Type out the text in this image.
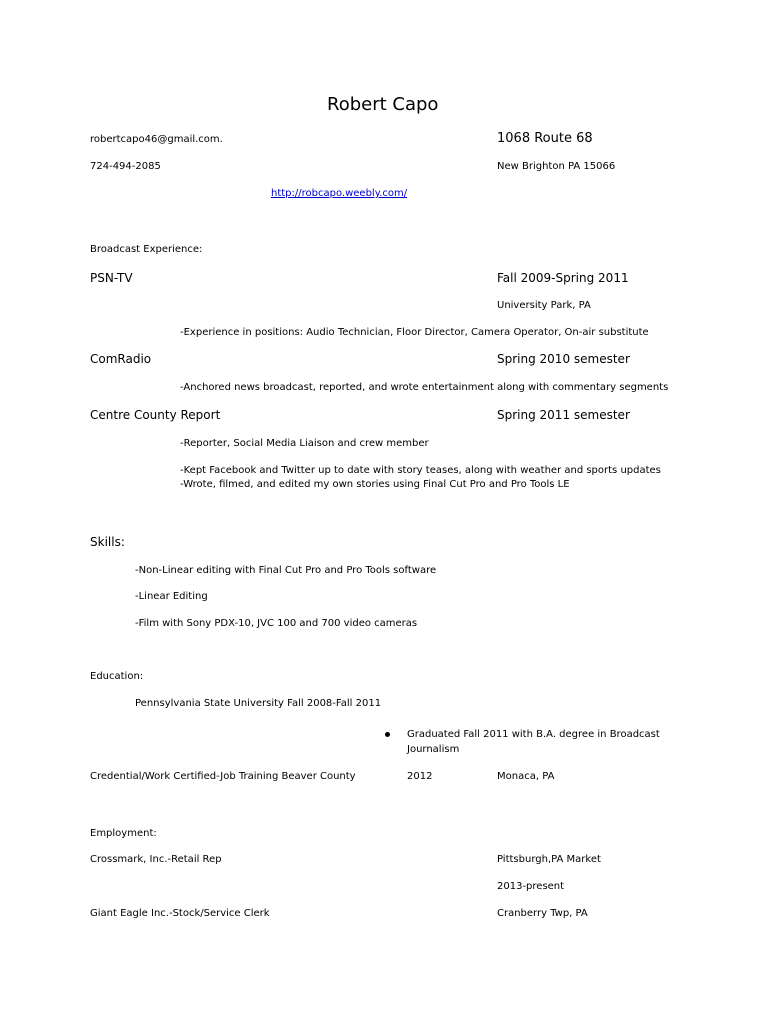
Robert Capo
robertcapo46@gmail.com.	1068 Route 68
724-494-2085	New Brighton PA 15066
http://robcapo.weebly.com/
Broadcast Experience:
PSN-TV	Fall 2009-Spring 2011
University Park, PA
-Experience in positions: Audio Technician, Floor Director, Camera Operator, On-air substitute
ComRadio	Spring 2010 semester
-Anchored news broadcast, reported, and wrote entertainment along with commentary segments
Centre County Report	Spring 2011 semester
-Reporter, Social Media Liaison and crew member
-Kept Facebook and Twitter up to date with story teases, along with weather and sports updates
-Wrote, filmed, and edited my own stories using Final Cut Pro and Pro Tools LE
Skills:
-Non-Linear editing with Final Cut Pro and Pro Tools software
-Linear Editing
-Film with Sony PDX-10, JVC 100 and 700 video cameras
Education:
Pennsylvania State University Fall 2008-Fall 2011
Graduated Fall 2011 with B.A. degree in Broadcast
Journalism
Credential/Work Certified-Job Training Beaver County	2012	Monaca, PA
Employment:
Crossmark, Inc.-Retail Rep	Pittsburgh,PA Market
2013-present
Giant Eagle Inc.-Stock/Service Clerk	Cranberry Twp, PA
